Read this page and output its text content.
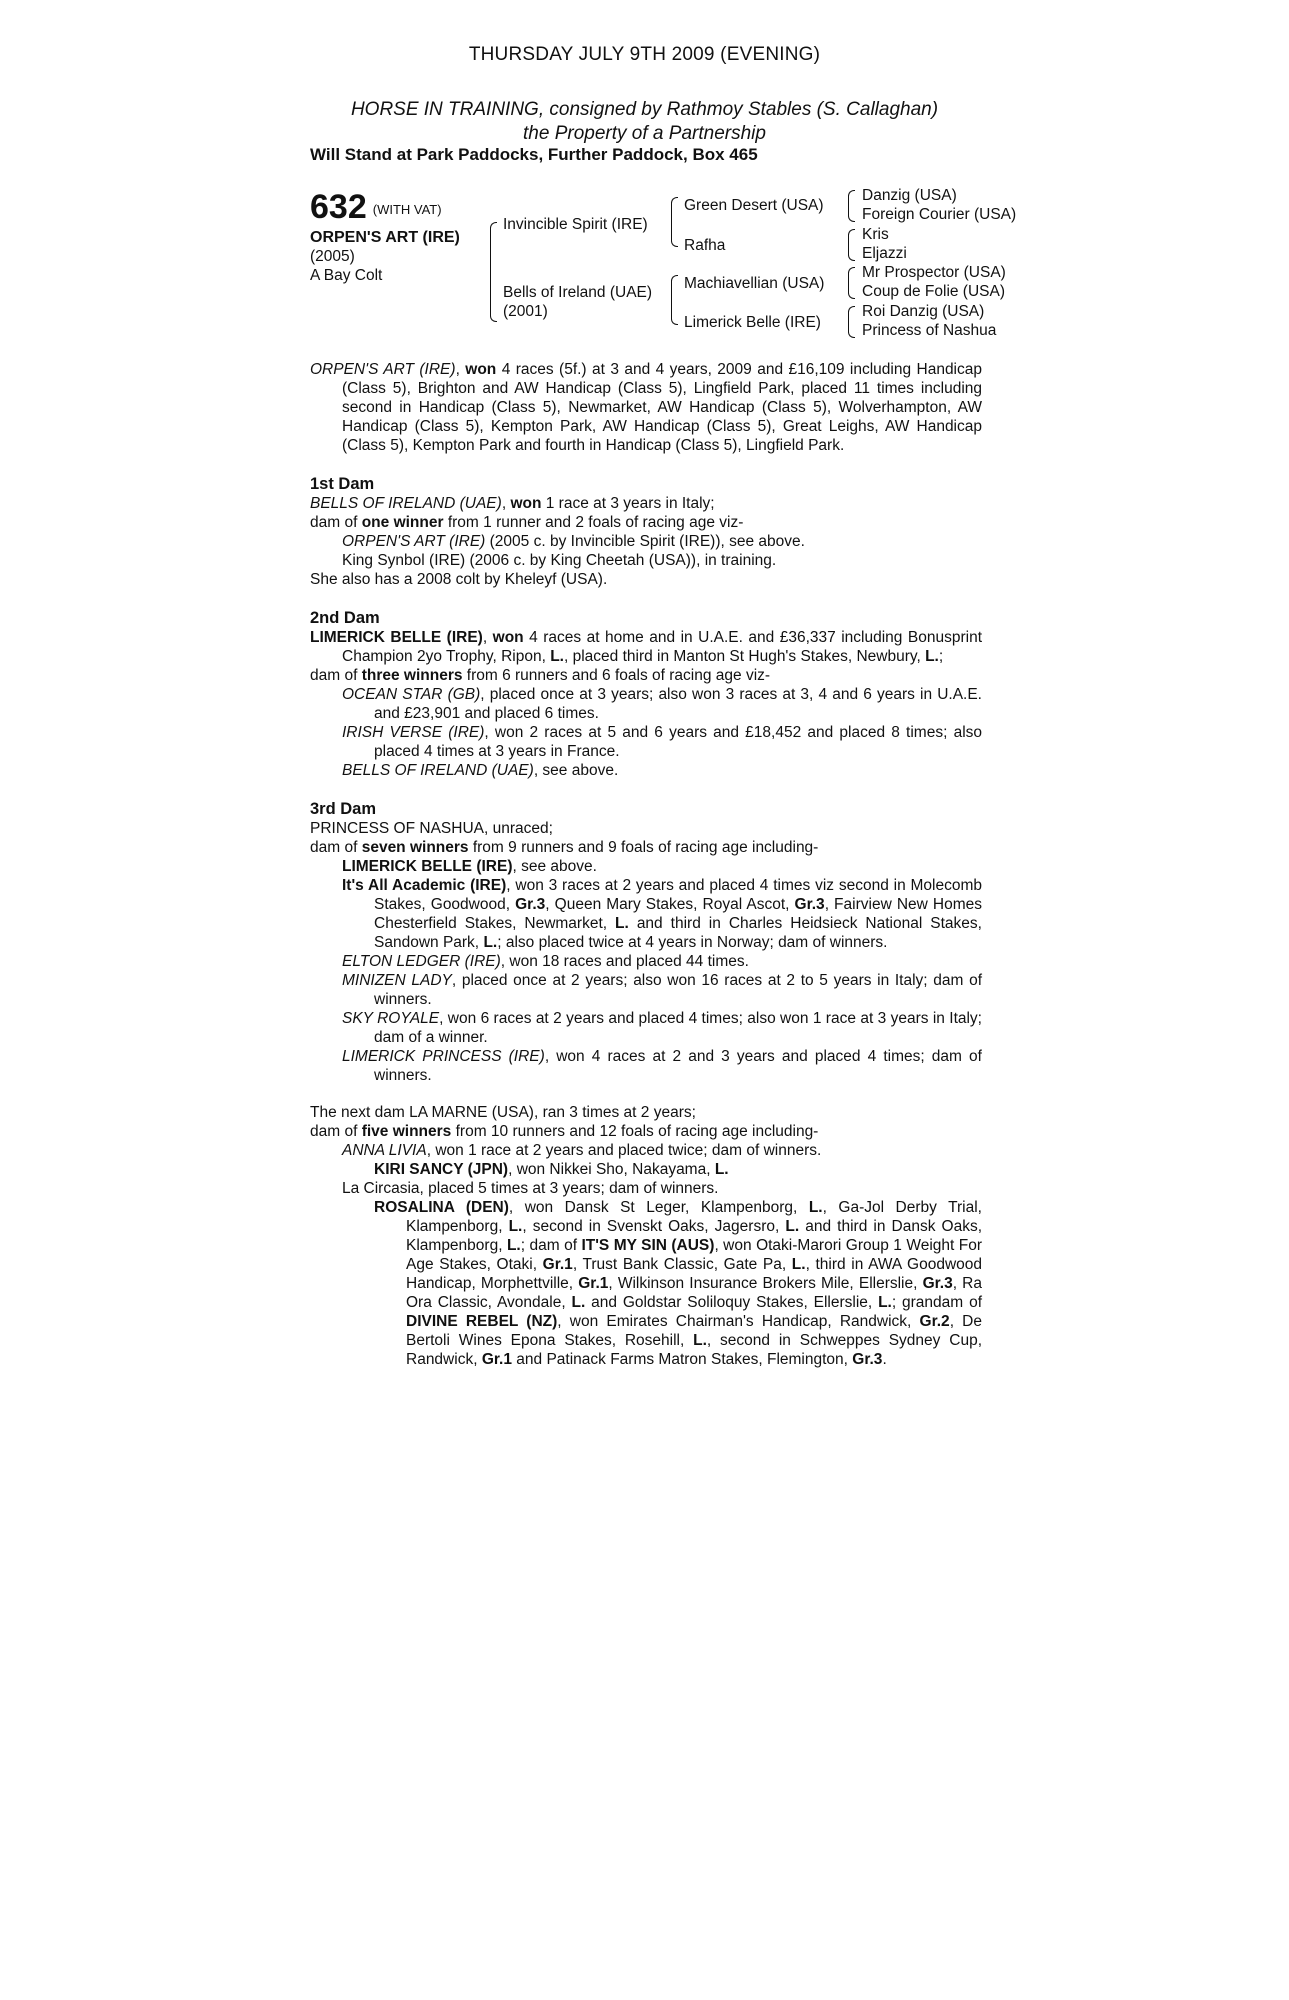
THURSDAY JULY 9TH 2009 (EVENING)
HORSE IN TRAINING, consigned by Rathmoy Stables (S. Callaghan)
the Property of a Partnership
Will Stand at Park Paddocks, Further Paddock, Box 465
632 $^{(WITH VAT)}$
ORPEN'S ART (IRE)
(2005)
A Bay Colt
Invincible Spirit (IRE)
Bells of Ireland (UAE)
(2001)
Green Desert (USA)
Rafha
Machiavellian (USA)
Limerick Belle (IRE)
Danzig (USA)
Foreign Courier (USA)
Kris
Eljazzi
Mr Prospector (USA)
Coup de Folie (USA)
Roi Danzig (USA)
Princess of Nashua
ORPEN'S ART (IRE), won 4 races (5f.) at 3 and 4 years, 2009 and £16,109 including Handicap (Class 5), Brighton and AW Handicap (Class 5), Lingfield Park, placed 11 times including second in Handicap (Class 5), Newmarket, AW Handicap (Class 5), Wolverhampton, AW Handicap (Class 5), Kempton Park, AW Handicap (Class 5), Great Leighs, AW Handicap (Class 5), Kempton Park and fourth in Handicap (Class 5), Lingfield Park.
1st Dam
BELLS OF IRELAND (UAE), won 1 race at 3 years in Italy;
dam of one winner from 1 runner and 2 foals of racing age viz-
ORPEN'S ART (IRE) (2005 c. by Invincible Spirit (IRE)), see above.
King Synbol (IRE) (2006 c. by King Cheetah (USA)), in training.
She also has a 2008 colt by Kheleyf (USA).
2nd Dam
LIMERICK BELLE (IRE), won 4 races at home and in U.A.E. and £36,337 including Bonusprint Champion 2yo Trophy, Ripon, L., placed third in Manton St Hugh's Stakes, Newbury, L.;
dam of three winners from 6 runners and 6 foals of racing age viz-
OCEAN STAR (GB), placed once at 3 years; also won 3 races at 3, 4 and 6 years in U.A.E. and £23,901 and placed 6 times.
IRISH VERSE (IRE), won 2 races at 5 and 6 years and £18,452 and placed 8 times; also placed 4 times at 3 years in France.
BELLS OF IRELAND (UAE), see above.
3rd Dam
PRINCESS OF NASHUA, unraced;
dam of seven winners from 9 runners and 9 foals of racing age including-
LIMERICK BELLE (IRE), see above.
It's All Academic (IRE), won 3 races at 2 years and placed 4 times viz second in Molecomb Stakes, Goodwood, Gr.3, Queen Mary Stakes, Royal Ascot, Gr.3, Fairview New Homes Chesterfield Stakes, Newmarket, L. and third in Charles Heidsieck National Stakes, Sandown Park, L.; also placed twice at 4 years in Norway; dam of winners.
ELTON LEDGER (IRE), won 18 races and placed 44 times.
MINIZEN LADY, placed once at 2 years; also won 16 races at 2 to 5 years in Italy; dam of winners.
SKY ROYALE, won 6 races at 2 years and placed 4 times; also won 1 race at 3 years in Italy; dam of a winner.
LIMERICK PRINCESS (IRE), won 4 races at 2 and 3 years and placed 4 times; dam of winners.
The next dam LA MARNE (USA), ran 3 times at 2 years;
dam of five winners from 10 runners and 12 foals of racing age including-
ANNA LIVIA, won 1 race at 2 years and placed twice; dam of winners.
KIRI SANCY (JPN), won Nikkei Sho, Nakayama, L.
La Circasia, placed 5 times at 3 years; dam of winners.
ROSALINA (DEN), won Dansk St Leger, Klampenborg, L., Ga-Jol Derby Trial, Klampenborg, L., second in Svenskt Oaks, Jagersro, L. and third in Dansk Oaks, Klampenborg, L.; dam of IT'S MY SIN (AUS), won Otaki-Marori Group 1 Weight For Age Stakes, Otaki, Gr.1, Trust Bank Classic, Gate Pa, L., third in AWA Goodwood Handicap, Morphettville, Gr.1, Wilkinson Insurance Brokers Mile, Ellerslie, Gr.3, Ra Ora Classic, Avondale, L. and Goldstar Soliloquy Stakes, Ellerslie, L.; grandam of DIVINE REBEL (NZ), won Emirates Chairman's Handicap, Randwick, Gr.2, De Bertoli Wines Epona Stakes, Rosehill, L., second in Schweppes Sydney Cup, Randwick, Gr.1 and Patinack Farms Matron Stakes, Flemington, Gr.3.
